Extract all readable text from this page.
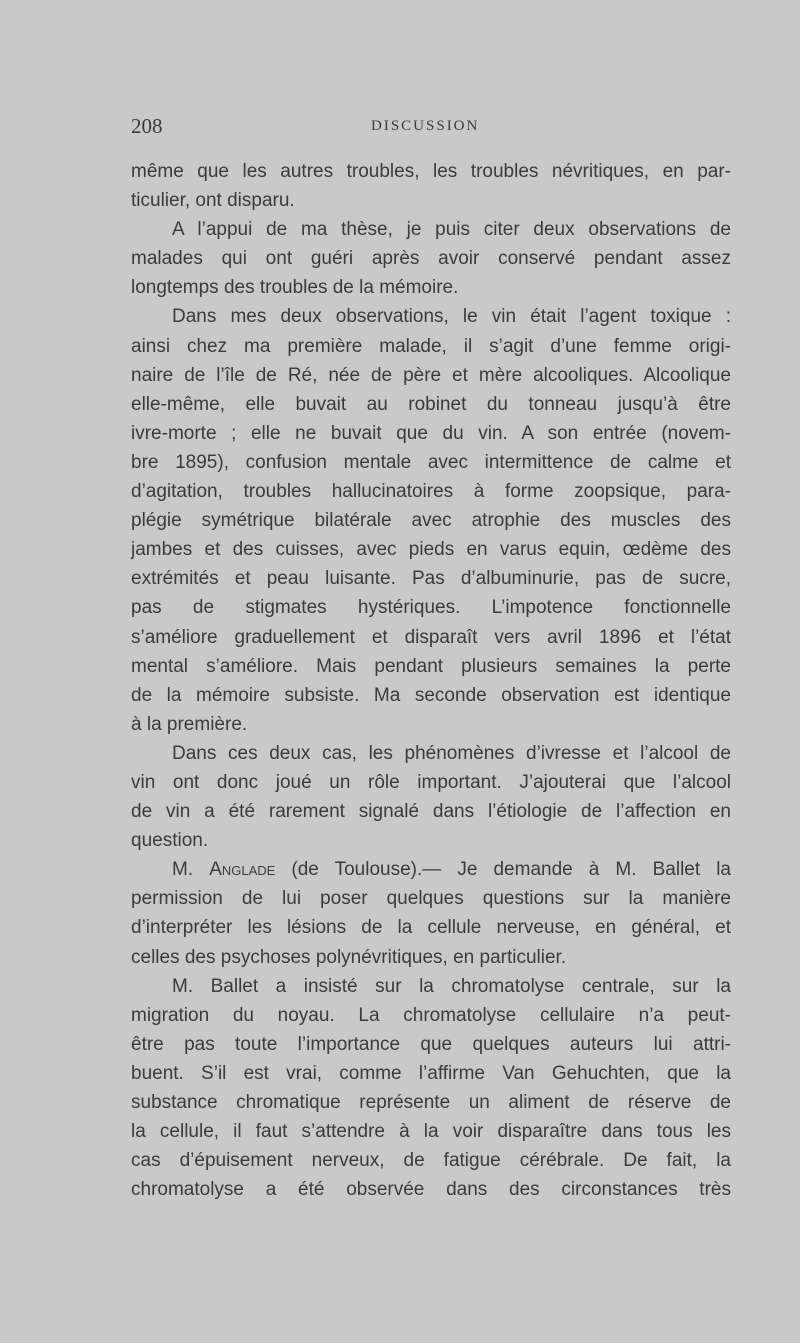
208	DISCUSSION
même que les autres troubles, les troubles névritiques, en par-
ticulier, ont disparu.
A l’appui de ma thèse, je puis citer deux observations de
malades qui ont guéri après avoir conservé pendant assez
longtemps des troubles de la mémoire.
Dans mes deux observations, le vin était l’agent toxique :
ainsi chez ma première malade, il s’agit d’une femme origi-
naire de l’île de Ré, née de père et mère alcooliques. Alcoolique
elle-même, elle buvait au robinet du tonneau jusqu’à être
ivre-morte ; elle ne buvait que du vin. A son entrée (novem-
bre 1895), confusion mentale avec intermittence de calme et
d’agitation, troubles hallucinatoires à forme zoopsique, para-
plégie symétrique bilatérale avec atrophie des muscles des
jambes et des cuisses, avec pieds en varus equin, œdème des
extrémités et peau luisante. Pas d’albuminurie, pas de sucre,
pas de stigmates hystériques. L’impotence fonctionnelle
s’améliore graduellement et disparaît vers avril 1896 et l’état
mental s’améliore. Mais pendant plusieurs semaines la perte
de la mémoire subsiste. Ma seconde observation est identique
à la première.
Dans ces deux cas, les phénomènes d’ivresse et l’alcool de
vin ont donc joué un rôle important. J’ajouterai que l’alcool
de vin a été rarement signalé dans l’étiologie de l’affection en
question.
M. Anglade (de Toulouse).— Je demande à M. Ballet la
permission de lui poser quelques questions sur la manière
d’interpréter les lésions de la cellule nerveuse, en général, et
celles des psychoses polynévritiques, en particulier.
M. Ballet a insisté sur la chromatolyse centrale, sur la
migration du noyau. La chromatolyse cellulaire n’a peut-
être pas toute l’importance que quelques auteurs lui attri-
buent. S’il est vrai, comme l’affirme Van Gehuchten, que la
substance chromatique représente un aliment de réserve de
la cellule, il faut s’attendre à la voir disparaître dans tous les
cas d’épuisement nerveux, de fatigue cérébrale. De fait, la
chromatolyse a été observée dans des circonstances très
